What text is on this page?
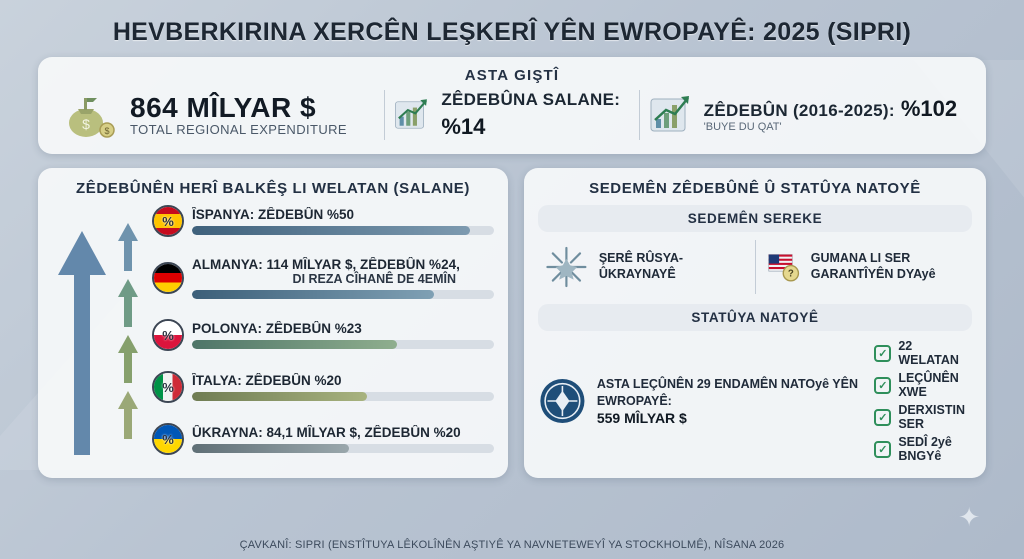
HEVBERKIRINA XERCÊN LEŞKERÎ YÊN EWROPAYÊ: 2025 (SIPRI)
ASTA GIŞTÎ
$ $
864 MÎLYAR $
TOTAL REGIONAL EXPENDITURE
ZÊDEBÛNA SALANE:
%14
ZÊDEBÛN (2016-2025): %102
'BUYE DU QAT'
ZÊDEBÛNÊN HERÎ BALKÊŞ LI WELATAN (SALANE)
% ÎSPANYA: ZÊDEBÛN %50
ALMANYA: 114 MÎLYAR $, ZÊDEBÛN %24,
DI REZA CÎHANÊ DE 4EMÎN
% POLONYA: ZÊDEBÛN %23
% ÎTALYA: ZÊDEBÛN %20
% ÛKRAYNA: 84,1 MÎLYAR $, ZÊDEBÛN %20
SEDEMÊN ZÊDEBÛNÊ Û STATÛYA NATOYÊ
SEDEMÊN SEREKE
ŞERÊ RÛSYA-ÛKRAYNAYÊ	?
GUMANA LI SER GARANTÎYÊN DYAyê
STATÛYA NATOYÊ
ASTA LEÇÛNÊN 29 ENDAMÊN NATOyê YÊN EWROPAYÊ:
559 MÎLYAR $
✓
22 WELATAN
✓
LEÇÛNÊN XWE
✓
DERXISTIN SER
✓
SEDÎ 2yê BNGYê
✦
ÇAVKANÎ: SIPRI (ENSTÎTUYA LÊKOLÎNÊN AŞTIYÊ YA NAVNETEWEYÎ YA STOCKHOLMÊ), NÎSANA 2026
